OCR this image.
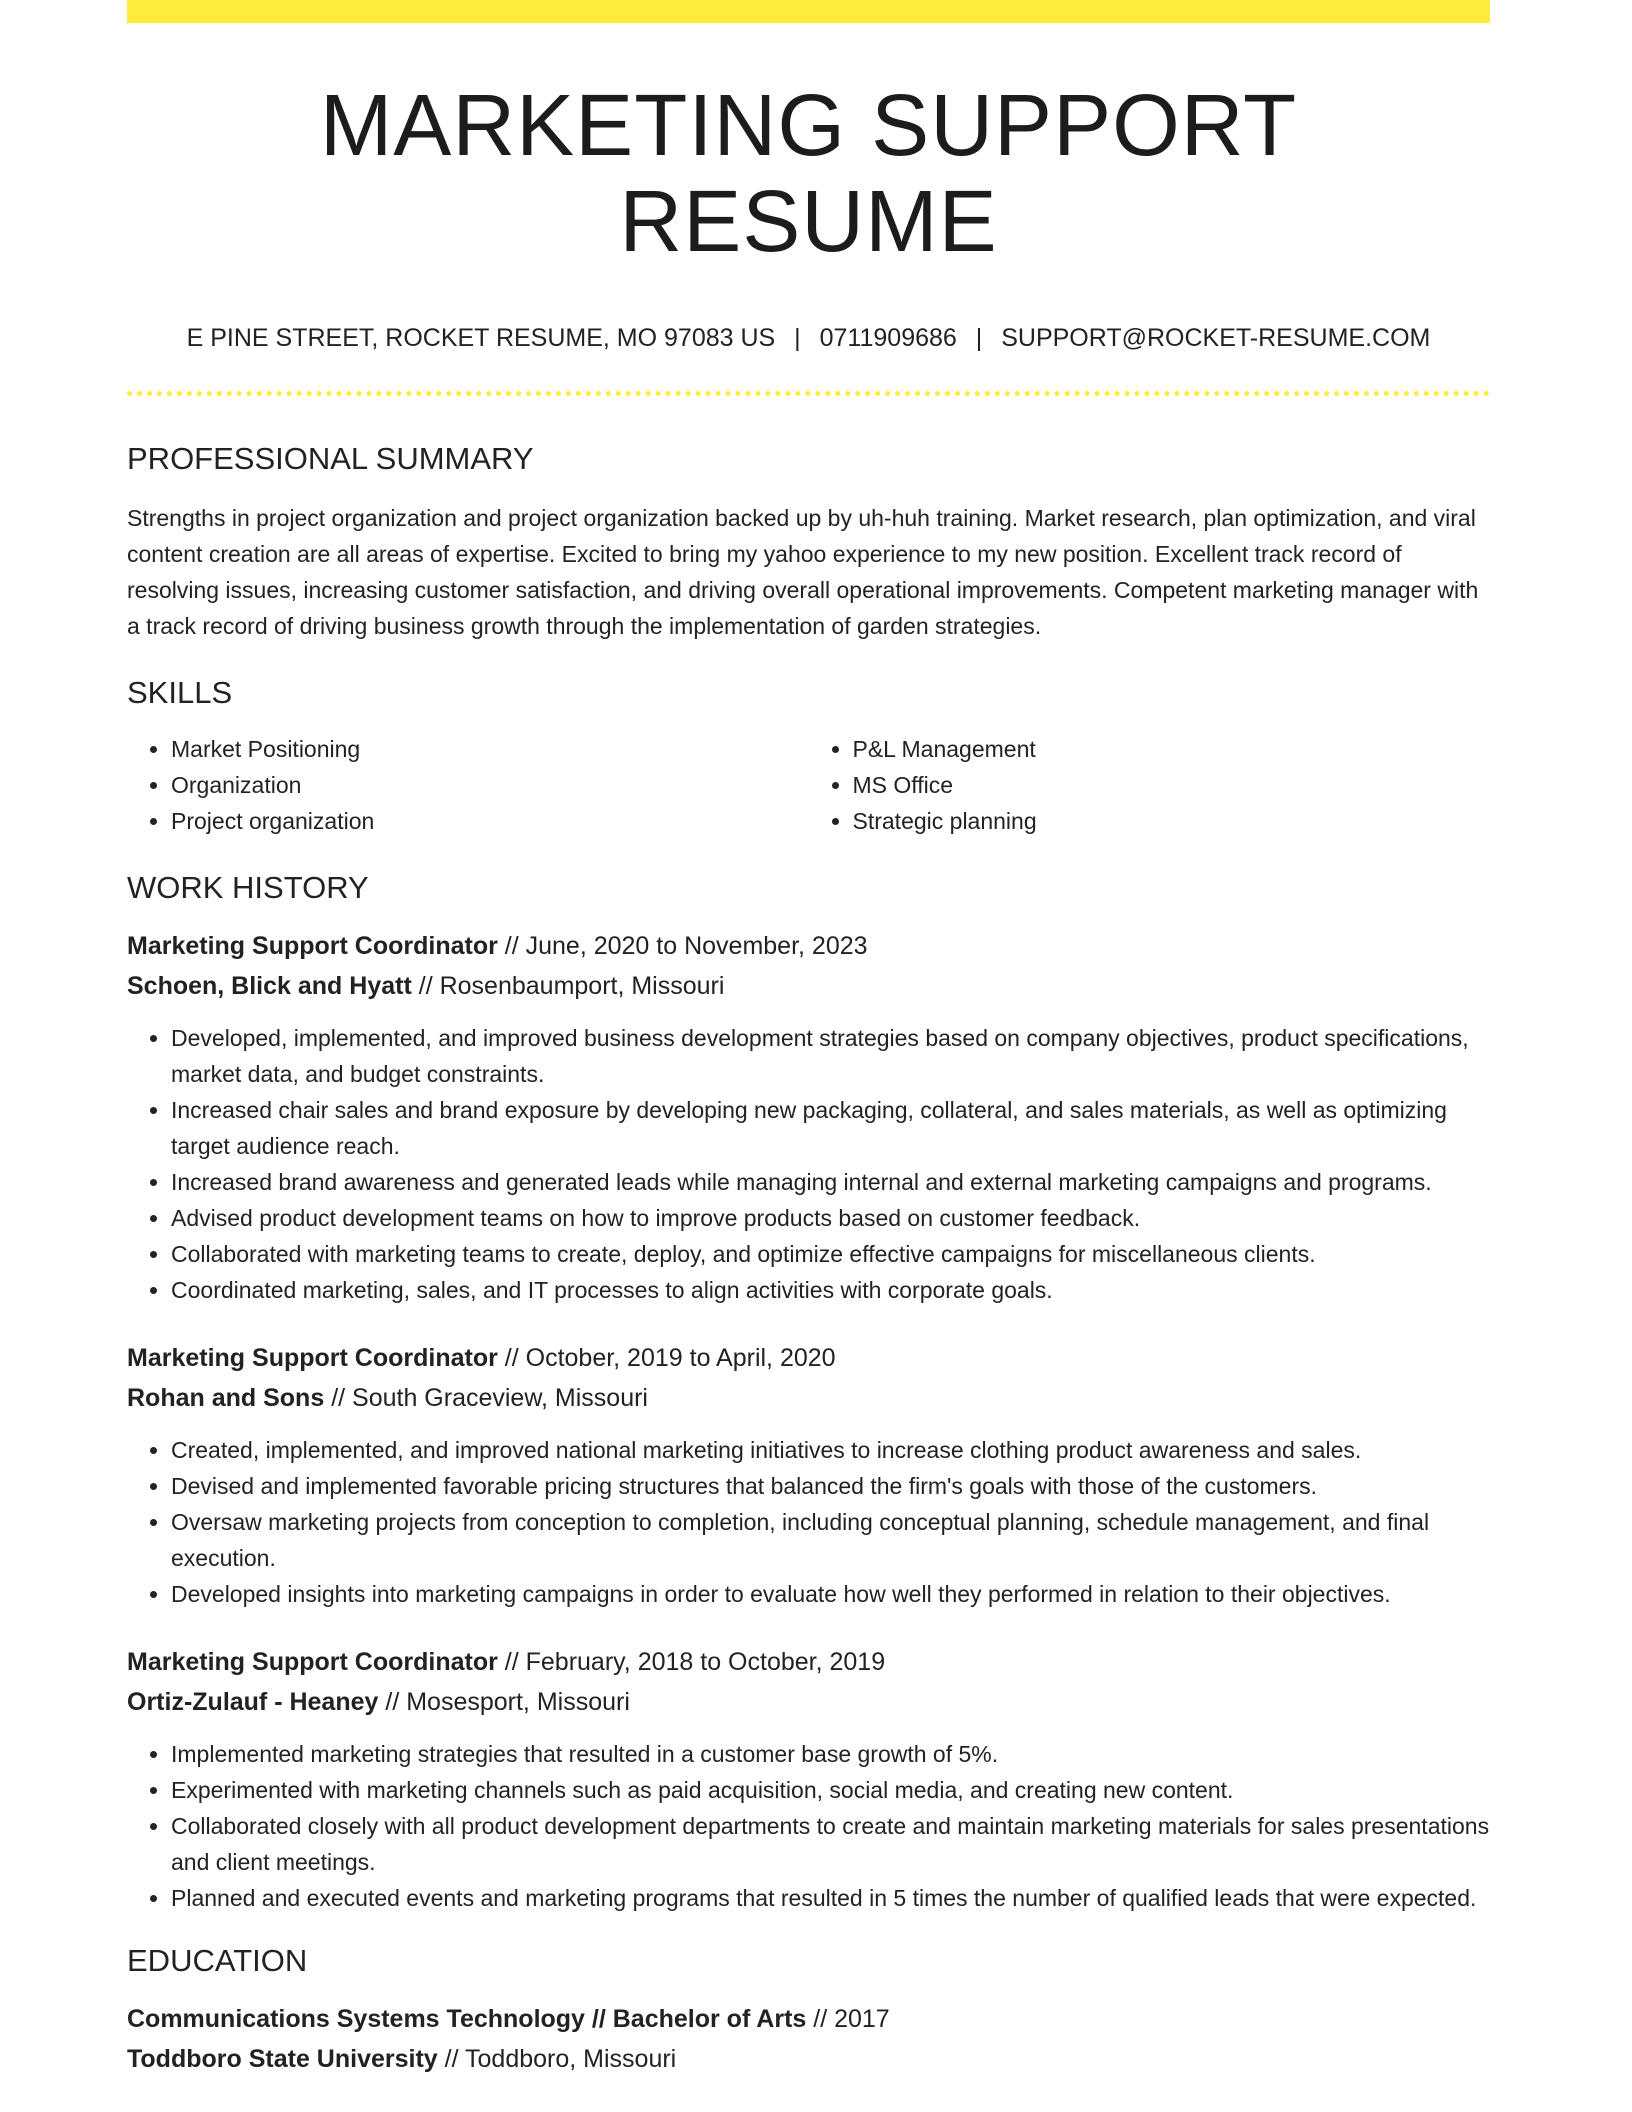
MARKETING SUPPORT RESUME
E PINE STREET, ROCKET RESUME, MO 97083 US | 0711909686 | SUPPORT@ROCKET-RESUME.COM
PROFESSIONAL SUMMARY
Strengths in project organization and project organization backed up by uh-huh training. Market research, plan optimization, and viral content creation are all areas of expertise. Excited to bring my yahoo experience to my new position. Excellent track record of resolving issues, increasing customer satisfaction, and driving overall operational improvements. Competent marketing manager with a track record of driving business growth through the implementation of garden strategies.
SKILLS
• Market Positioning
• Organization
• Project organization
• P&L Management
• MS Office
• Strategic planning
WORK HISTORY
Marketing Support Coordinator // June, 2020 to November, 2023
Schoen, Blick and Hyatt // Rosenbaumport, Missouri
• Developed, implemented, and improved business development strategies based on company objectives, product specifications, market data, and budget constraints.
• Increased chair sales and brand exposure by developing new packaging, collateral, and sales materials, as well as optimizing target audience reach.
• Increased brand awareness and generated leads while managing internal and external marketing campaigns and programs.
• Advised product development teams on how to improve products based on customer feedback.
• Collaborated with marketing teams to create, deploy, and optimize effective campaigns for miscellaneous clients.
• Coordinated marketing, sales, and IT processes to align activities with corporate goals.
Marketing Support Coordinator // October, 2019 to April, 2020
Rohan and Sons // South Graceview, Missouri
• Created, implemented, and improved national marketing initiatives to increase clothing product awareness and sales.
• Devised and implemented favorable pricing structures that balanced the firm's goals with those of the customers.
• Oversaw marketing projects from conception to completion, including conceptual planning, schedule management, and final execution.
• Developed insights into marketing campaigns in order to evaluate how well they performed in relation to their objectives.
Marketing Support Coordinator // February, 2018 to October, 2019
Ortiz-Zulauf - Heaney // Mosesport, Missouri
• Implemented marketing strategies that resulted in a customer base growth of 5%.
• Experimented with marketing channels such as paid acquisition, social media, and creating new content.
• Collaborated closely with all product development departments to create and maintain marketing materials for sales presentations and client meetings.
• Planned and executed events and marketing programs that resulted in 5 times the number of qualified leads that were expected.
EDUCATION
Communications Systems Technology // Bachelor of Arts // 2017
Toddboro State University // Toddboro, Missouri
